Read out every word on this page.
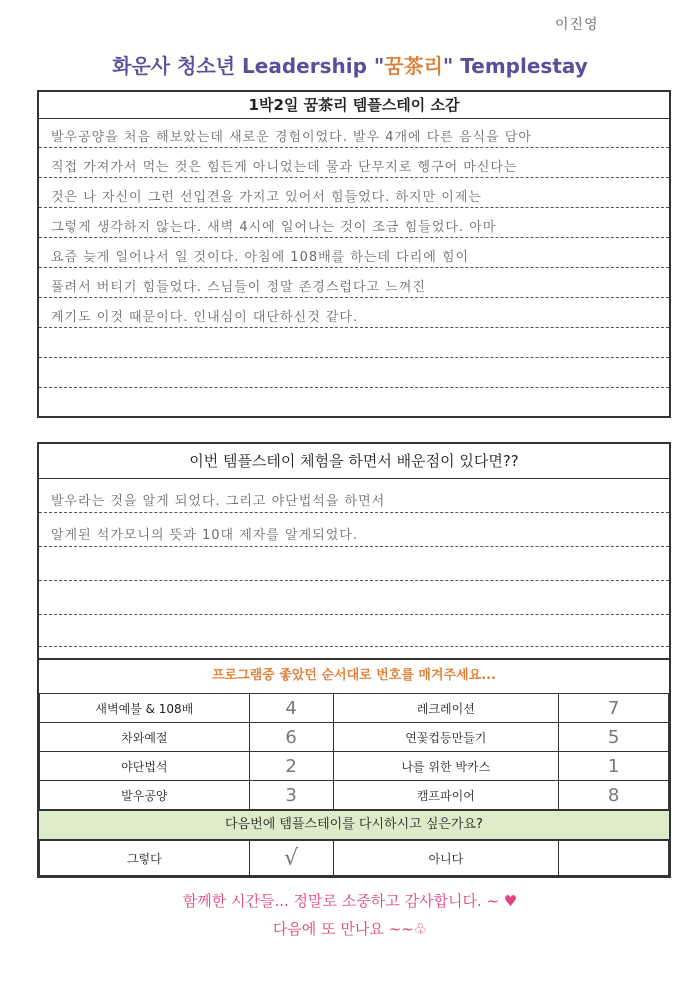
이진영
화운사 청소년 Leadership "꿈茶리" Templestay
1박2일 꿈茶리 템플스테이 소감
발우공양을 처음 해보았는데 새로운 경험이었다. 발우 4개에 다른 음식을 담아
직접 가져가서 먹는 것은 힘든게 아니었는데 물과 단무지로 헹구어 마신다는
것은 나 자신이 그런 선입견을 가지고 있어서 힘들었다. 하지만 이제는
그렇게 생각하지 않는다. 새벽 4시에 일어나는 것이 조금 힘들었다. 아마
요즘 늦게 일어나서 일 것이다. 아침에 108배를 하는데 다리에 힘이
풀려서 버티기 힘들었다. 스님들이 정말 존경스럽다고 느껴진
계기도 이것 때문이다. 인내심이 대단하신것 같다.
이번 템플스테이 체험을 하면서 배운점이 있다면??
발우라는 것을 알게 되었다. 그리고 야단법석을 하면서
알게된 석가모니의 뜻과 10대 제자를 알게되었다.
프로그램중 좋았던 순서대로 번호를 매겨주세요...
새벽예불 & 108배	4	레크레이션	7
차와예절	6	연꽃컵등만들기	5
야단법석	2	나를 위한 박카스	1
발우공양	3	캠프파이어	8
다음번에 템플스테이를 다시하시고 싶은가요?
그렇다	√	아니다	
함께한 시간들... 정말로 소중하고 감사합니다. ~ ♥
다음에 또 만나요 ~~♧
